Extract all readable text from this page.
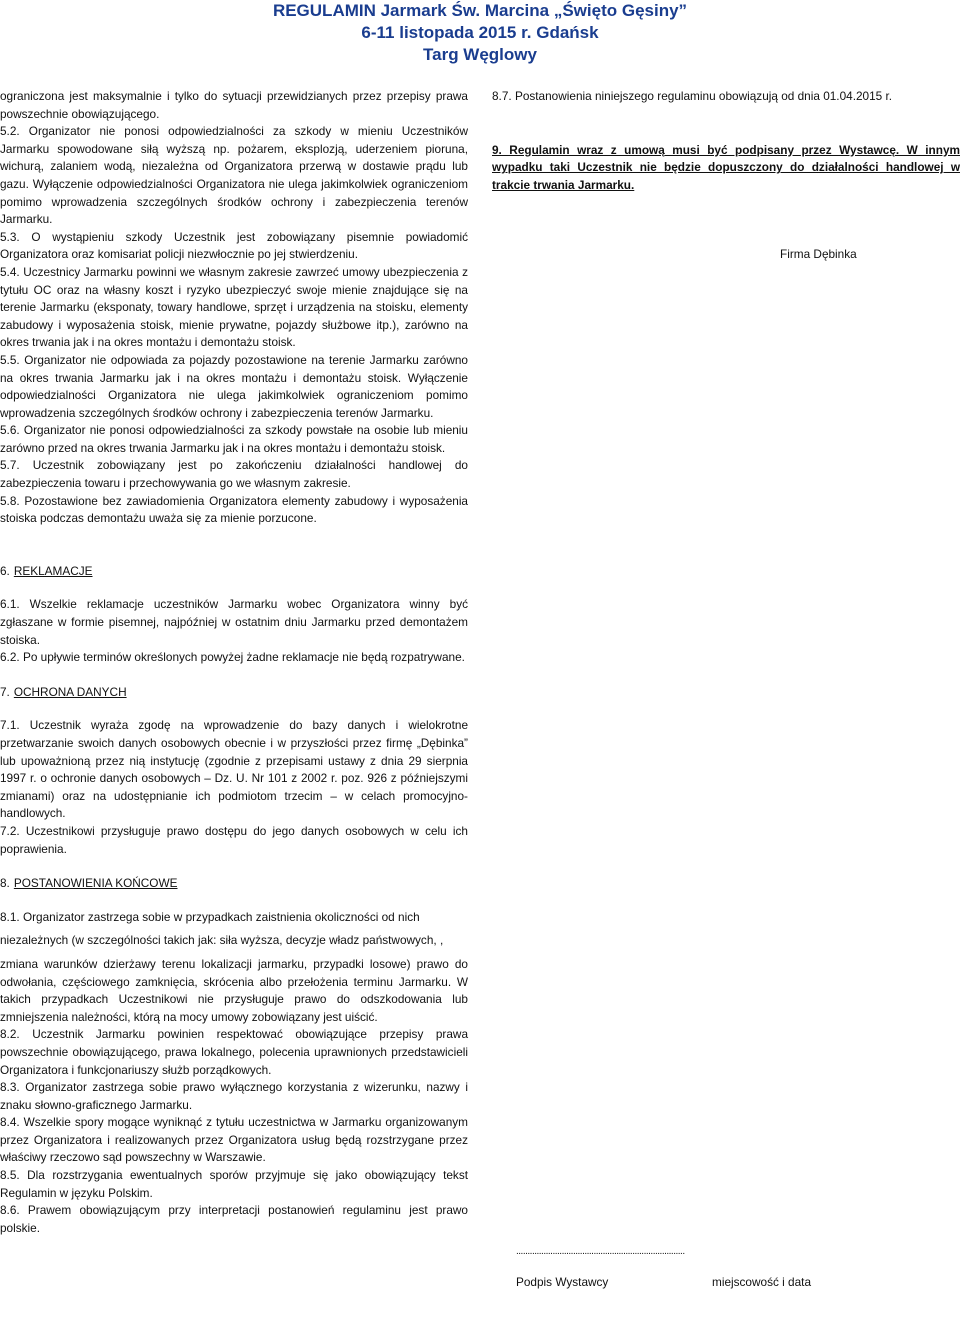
REGULAMIN Jarmark Św. Marcina „Święto Gęsiny”
6-11 listopada 2015 r. Gdańsk
Targ Węglowy

ograniczona jest maksymalnie i tylko do sytuacji przewidzianych przez przepisy prawa powszechnie obowiązującego.

5.2. Organizator nie ponosi odpowiedzialności za szkody w mieniu Uczestników Jarmarku spowodowane siłą wyższą np. pożarem, eksplozją, uderzeniem pioruna, wichurą, zalaniem wodą, niezależna od Organizatora przerwą w dostawie prądu lub gazu. Wyłączenie odpowiedzialności Organizatora nie ulega jakimkolwiek ograniczeniom pomimo wprowadzenia szczególnych środków ochrony i zabezpieczenia terenów Jarmarku.

5.3. O wystąpieniu szkody Uczestnik jest zobowiązany pisemnie powiadomić Organizatora oraz komisariat policji niezwłocznie po jej stwierdzeniu.

5.4. Uczestnicy Jarmarku powinni we własnym zakresie zawrzeć umowy ubezpieczenia z tytułu OC oraz na własny koszt i ryzyko ubezpieczyć swoje mienie znajdujące się na terenie Jarmarku (eksponaty, towary handlowe, sprzęt i urządzenia na stoisku, elementy zabudowy i wyposażenia stoisk, mienie prywatne, pojazdy służbowe itp.), zarówno na okres trwania jak i na okres montażu i demontażu stoisk.

5.5. Organizator nie odpowiada za pojazdy pozostawione na terenie Jarmarku zarówno na okres trwania Jarmarku jak i na okres montażu i demontażu stoisk. Wyłączenie odpowiedzialności Organizatora nie ulega jakimkolwiek ograniczeniom pomimo wprowadzenia szczególnych środków ochrony i zabezpieczenia terenów Jarmarku.

5.6. Organizator nie ponosi odpowiedzialności za szkody powstałe na osobie lub mieniu zarówno przed na okres trwania Jarmarku jak i na okres montażu i demontażu stoisk.

5.7. Uczestnik zobowiązany jest po zakończeniu działalności handlowej do zabezpieczenia towaru i przechowywania go we własnym zakresie.

5.8. Pozostawione bez zawiadomienia Organizatora elementy zabudowy i wyposażenia stoiska podczas demontażu uważa się za mienie porzucone.

6. REKLAMACJE

6.1. Wszelkie reklamacje uczestników Jarmarku wobec Organizatora winny być zgłaszane w formie pisemnej, najpóźniej w ostatnim dniu Jarmarku przed demontażem stoiska.

6.2. Po upływie terminów określonych powyżej żadne reklamacje nie będą rozpatrywane.

7. OCHRONA DANYCH

7.1. Uczestnik wyraża zgodę na wprowadzenie do bazy danych i wielokrotne przetwarzanie swoich danych osobowych obecnie i w przyszłości przez firmę „Dębinka” lub upoważnioną przez nią instytucję (zgodnie z przepisami ustawy z dnia 29 sierpnia 1997 r. o ochronie danych osobowych – Dz. U. Nr 101 z 2002 r. poz. 926 z późniejszymi zmianami) oraz na udostępnianie ich podmiotom trzecim – w celach promocyjno-handlowych.

7.2. Uczestnikowi przysługuje prawo dostępu do jego danych osobowych w celu ich poprawienia.

8. POSTANOWIENIA KOŃCOWE

8.1. Organizator zastrzega sobie w przypadkach zaistnienia okoliczności od nich

niezależnych (w szczególności takich jak: siła wyższa, decyzje władz państwowych, ,

zmiana warunków dzierżawy terenu lokalizacji jarmarku, przypadki losowe) prawo do odwołania, częściowego zamknięcia, skrócenia albo przełożenia terminu Jarmarku. W takich przypadkach Uczestnikowi nie przysługuje prawo do odszkodowania lub zmniejszenia należności, którą na mocy umowy zobowiązany jest uiścić.

8.2. Uczestnik Jarmarku powinien respektować obowiązujące przepisy prawa powszechnie obowiązującego, prawa lokalnego, polecenia uprawnionych przedstawicieli Organizatora i funkcjonariuszy służb porządkowych.

8.3. Organizator zastrzega sobie prawo wyłącznego korzystania z wizerunku, nazwy i znaku słowno-graficznego Jarmarku.

8.4. Wszelkie spory mogące wyniknąć z tytułu uczestnictwa w Jarmarku organizowanym przez Organizatora i realizowanych przez Organizatora usług będą rozstrzygane przez właściwy rzeczowo sąd powszechny w Warszawie.

8.5. Dla rozstrzygania ewentualnych sporów przyjmuje się jako obowiązujący tekst Regulamin w języku Polskim.

8.6. Prawem obowiązującym przy interpretacji postanowień regulaminu jest prawo polskie.

8.7. Postanowienia niniejszego regulaminu obowiązują od dnia 01.04.2015 r.

9. Regulamin wraz z umową musi być podpisany przez Wystawcę. W innym wypadku taki Uczestnik nie będzie dopuszczony do działalności handlowej w trakcie trwania Jarmarku.

Firma Dębinka
..........................................................................
Podpis Wystawcy	miejscowość i data
